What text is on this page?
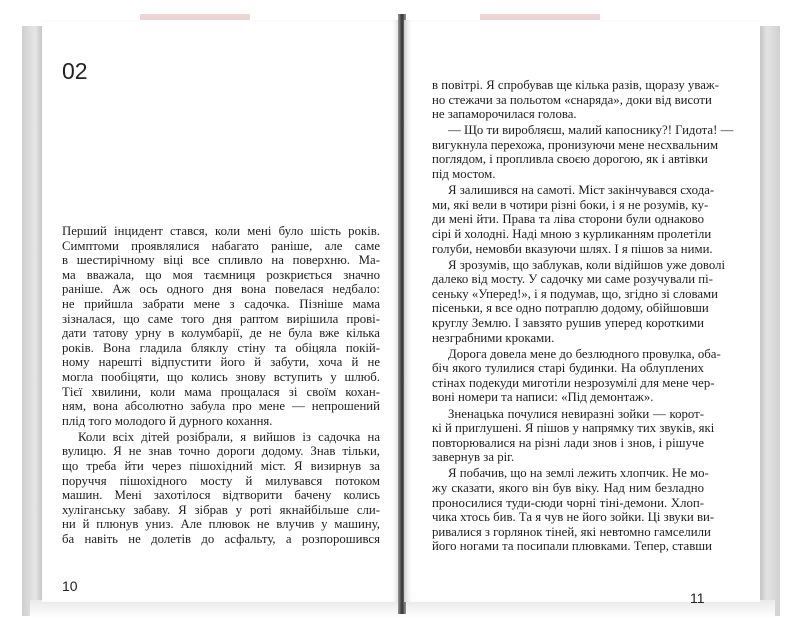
02
Перший інцидент стався, коли мені було шість років.
Симптоми проявлялися набагато раніше, але саме
в шестирічному віці все спливло на поверхню. Ма-
ма вважала, що моя таємниця розкриється значно
раніше. Аж ось одного дня вона повелася недбало:
не прийшла забрати мене з садочка. Пізніше мама
зізналася, що саме того дня раптом вирішила прові-
дати татову урну в колумбарії, де не була вже кілька
років. Вона гладила бляклу стіну та обіцяла покій-
ному нарешті відпустити його й забути, хоча й не
могла пообіцяти, що колись знову вступить у шлюб.
Тієї хвилини, коли мама прощалася зі своїм кохан-
ням, вона абсолютно забула про мене — непрошений
плід того молодого й дурного кохання.
Коли всіх дітей розібрали, я вийшов із садочка на
вулицю. Я не знав точно дороги додому. Знав тільки,
що треба йти через пішохідний міст. Я визирнув за
поруччя пішохідного мосту й милувався потоком
машин. Мені захотілося відтворити бачену колись
хуліганську забаву. Я зібрав у роті якнайбільше сли-
ни й плюнув униз. Але плювок не влучив у машину,
ба навіть не долетів до асфальту, а розпорошився
10
в повітрі. Я спробував ще кілька разів, щоразу уваж-
но стежачи за польотом «снаряда», доки від висоти
не запаморочилася голова.
— Що ти виробляєш, малий капоснику?! Гидота! —
вигукнула перехожа, пронизуючи мене несхвальним
поглядом, і пропливла своєю дорогою, як і автівки
під мостом.
Я залишився на самоті. Міст закінчувався сходa-
ми, які вели в чотири різні боки, і я не розумів, ку-
ди мені йти. Права та ліва сторони були однаково
сірі й холодні. Наді мною з курликанням пролетіли
голуби, немовби вказуючи шлях. І я пішов за ними.
Я зрозумів, що заблукав, коли відійшов уже доволі
далеко від мосту. У садочку ми саме розучували пі-
сеньку «Уперед!», і я подумав, що, згідно зі словами
пісеньки, я все одно потраплю додому, обійшовши
круглу Землю. І завзято рушив уперед короткими
незграбними кроками.
Дорога довела мене до безлюдного провулка, оба-
біч якого тулилися старі будинки. На облуплених
стінах подекуди миготіли незрозумілі для мене чер-
воні номери та написи: «Під демонтаж».
Зненацька почулися невиразні зойки — корот-
кі й приглушені. Я пішов у напрямку тих звуків, які
повторювалися на різні лади знов і знов, і рішуче
завернув за ріг.
Я побачив, що на землі лежить хлопчик. Не мо-
жу сказати, якого він був віку. Над ним безладно
проносилися туди-сюди чорні тіні-демони. Хлоп-
чика хтось бив. Та я чув не його зойки. Ці звуки ви-
ривалися з горлянок тіней, які невтомно гамселили
його ногами та посипали плювками. Тепер, ставши
11
